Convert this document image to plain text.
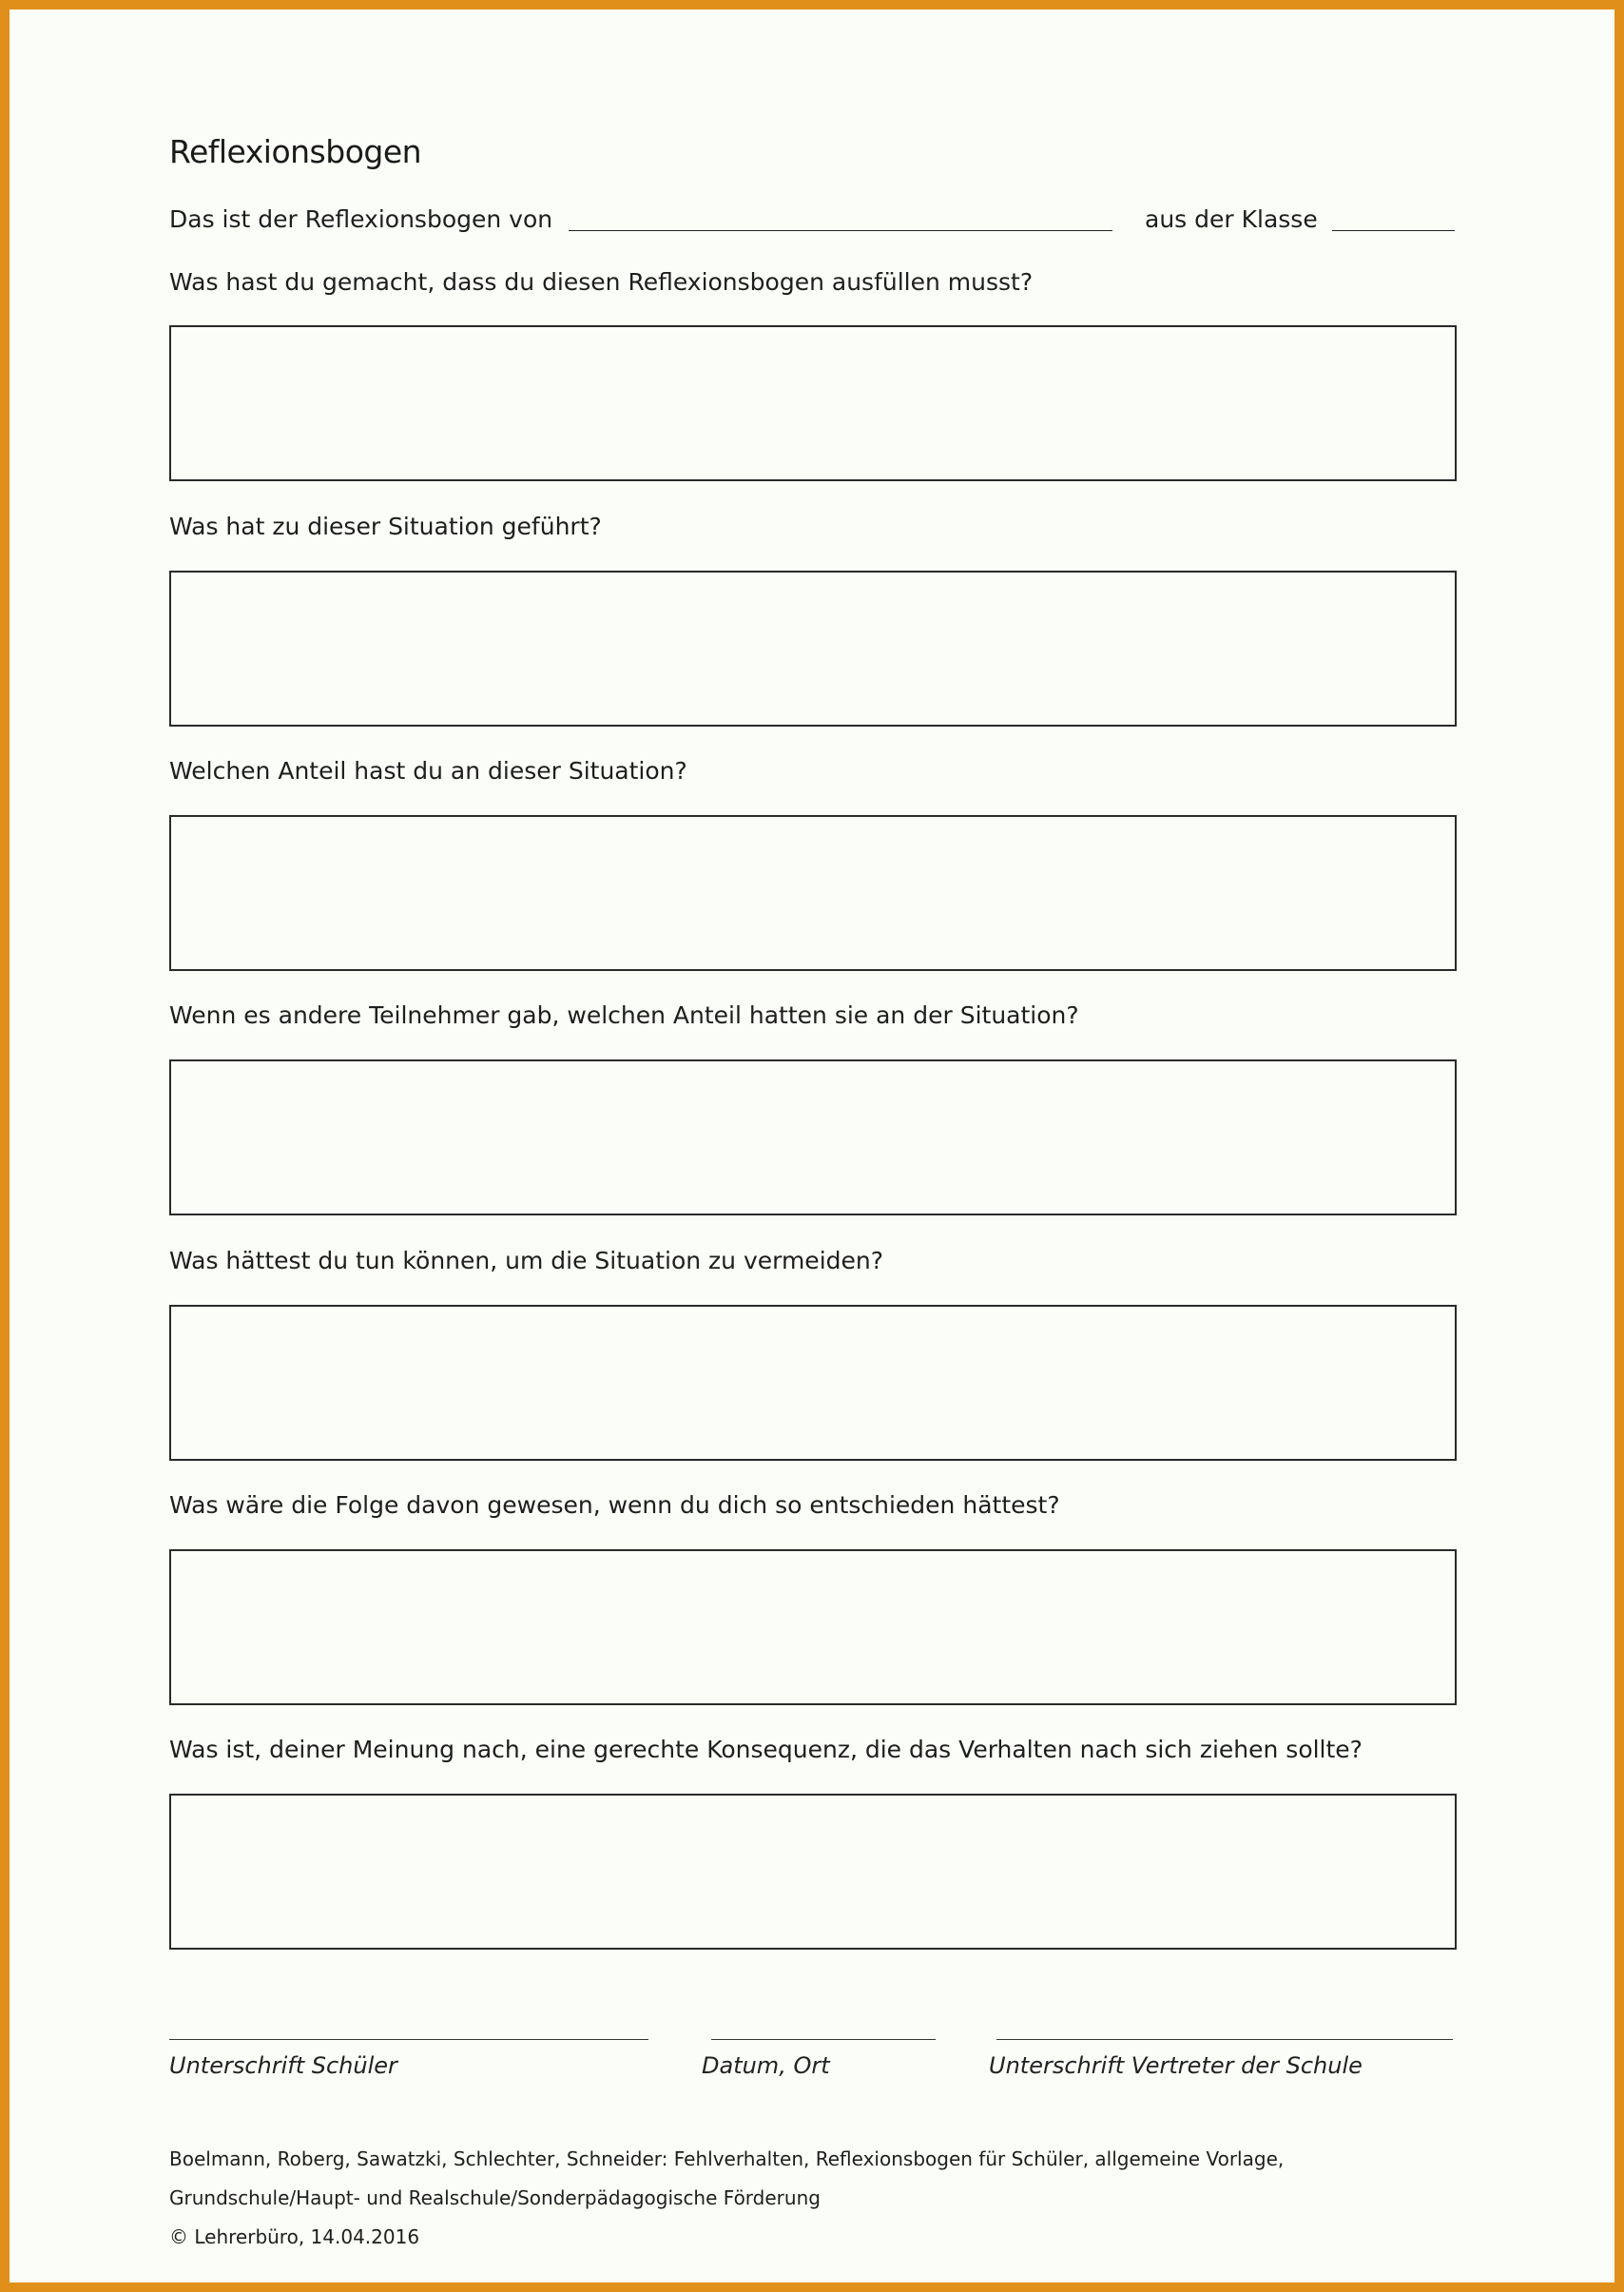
Reflexionsbogen
Das ist der Reflexionsbogen von	aus der Klasse
Was hast du gemacht, dass du diesen Reflexionsbogen ausfüllen musst?
Was hat zu dieser Situation geführt?
Welchen Anteil hast du an dieser Situation?
Wenn es andere Teilnehmer gab, welchen Anteil hatten sie an der Situation?
Was hättest du tun können, um die Situation zu vermeiden?
Was wäre die Folge davon gewesen, wenn du dich so entschieden hättest?
Was ist, deiner Meinung nach, eine gerechte Konsequenz, die das Verhalten nach sich ziehen sollte?
Unterschrift Schüler	Datum, Ort	Unterschrift Vertreter der Schule
Boelmann, Roberg, Sawatzki, Schlechter, Schneider: Fehlverhalten, Reflexionsbogen für Schüler, allgemeine Vorlage,
Grundschule/Haupt- und Realschule/Sonderpädagogische Förderung
© Lehrerbüro, 14.04.2016
